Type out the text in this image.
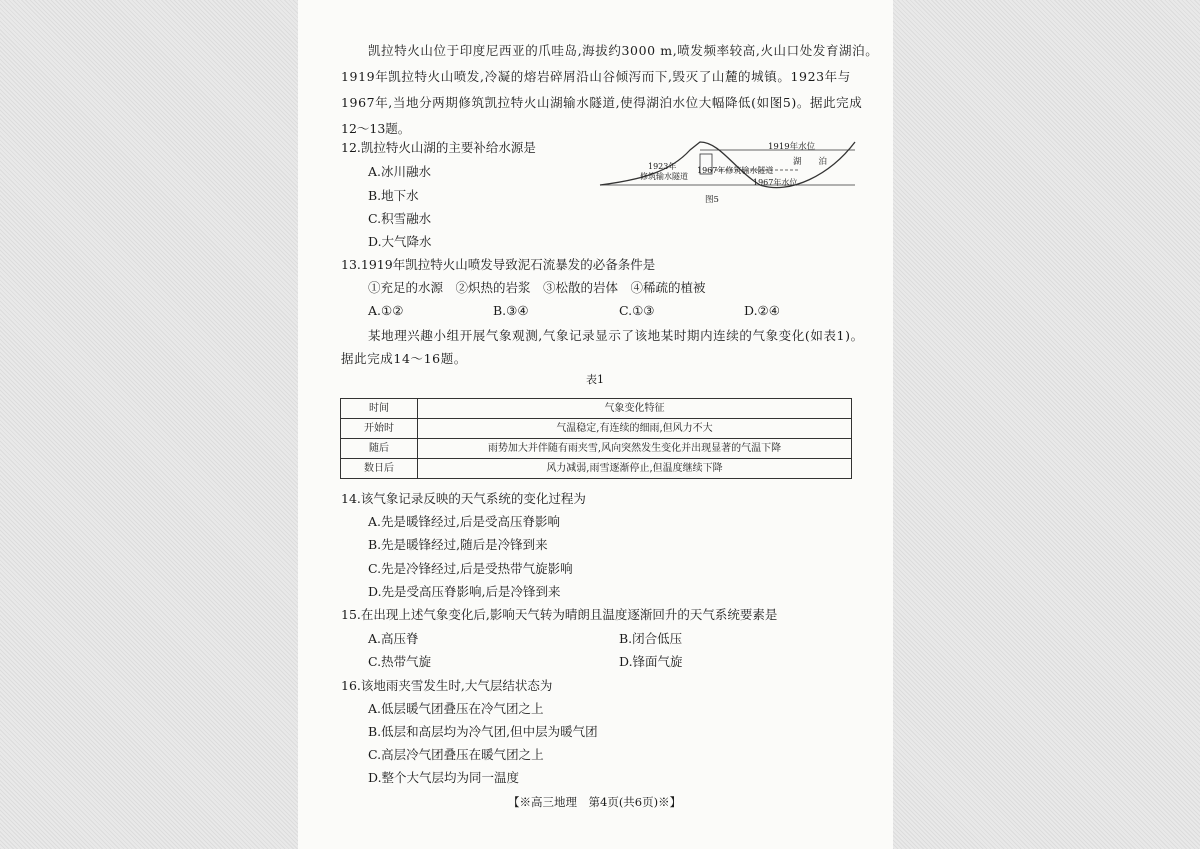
凯拉特火山位于印度尼西亚的爪哇岛,海拔约3000 m,喷发频率较高,火山口处发育湖泊。
1919年凯拉特火山喷发,冷凝的熔岩碎屑沿山谷倾泻而下,毁灭了山麓的城镇。1923年与
1967年,当地分两期修筑凯拉特火山湖输水隧道,使得湖泊水位大幅降低(如图5)。据此完成
12～13题。
12.凯拉特火山湖的主要补给水源是
A.冰川融水
B.地下水
C.积雪融水
D.大气降水
1919年水位
湖　　泊
1967年修筑输水隧道
1923年
修筑输水隧道
1967年水位
图5
13.1919年凯拉特火山喷发导致泥石流暴发的必备条件是
①充足的水源　②炽热的岩浆　③松散的岩体　④稀疏的植被
A.①②	B.③④	C.①③	D.②④
某地理兴趣小组开展气象观测,气象记录显示了该地某时期内连续的气象变化(如表1)。
据此完成14～16题。
表1
时间	气象变化特征
开始时	气温稳定,有连续的细雨,但风力不大
随后	雨势加大并伴随有雨夹雪,风向突然发生变化并出现显著的气温下降
数日后	风力减弱,雨雪逐渐停止,但温度继续下降
14.该气象记录反映的天气系统的变化过程为
A.先是暖锋经过,后是受高压脊影响
B.先是暖锋经过,随后是冷锋到来
C.先是冷锋经过,后是受热带气旋影响
D.先是受高压脊影响,后是冷锋到来
15.在出现上述气象变化后,影响天气转为晴朗且温度逐渐回升的天气系统要素是
A.高压脊	B.闭合低压
C.热带气旋	D.锋面气旋
16.该地雨夹雪发生时,大气层结状态为
A.低层暖气团叠压在冷气团之上
B.低层和高层均为冷气团,但中层为暖气团
C.高层冷气团叠压在暖气团之上
D.整个大气层均为同一温度
【※高三地理　第4页(共6页)※】
